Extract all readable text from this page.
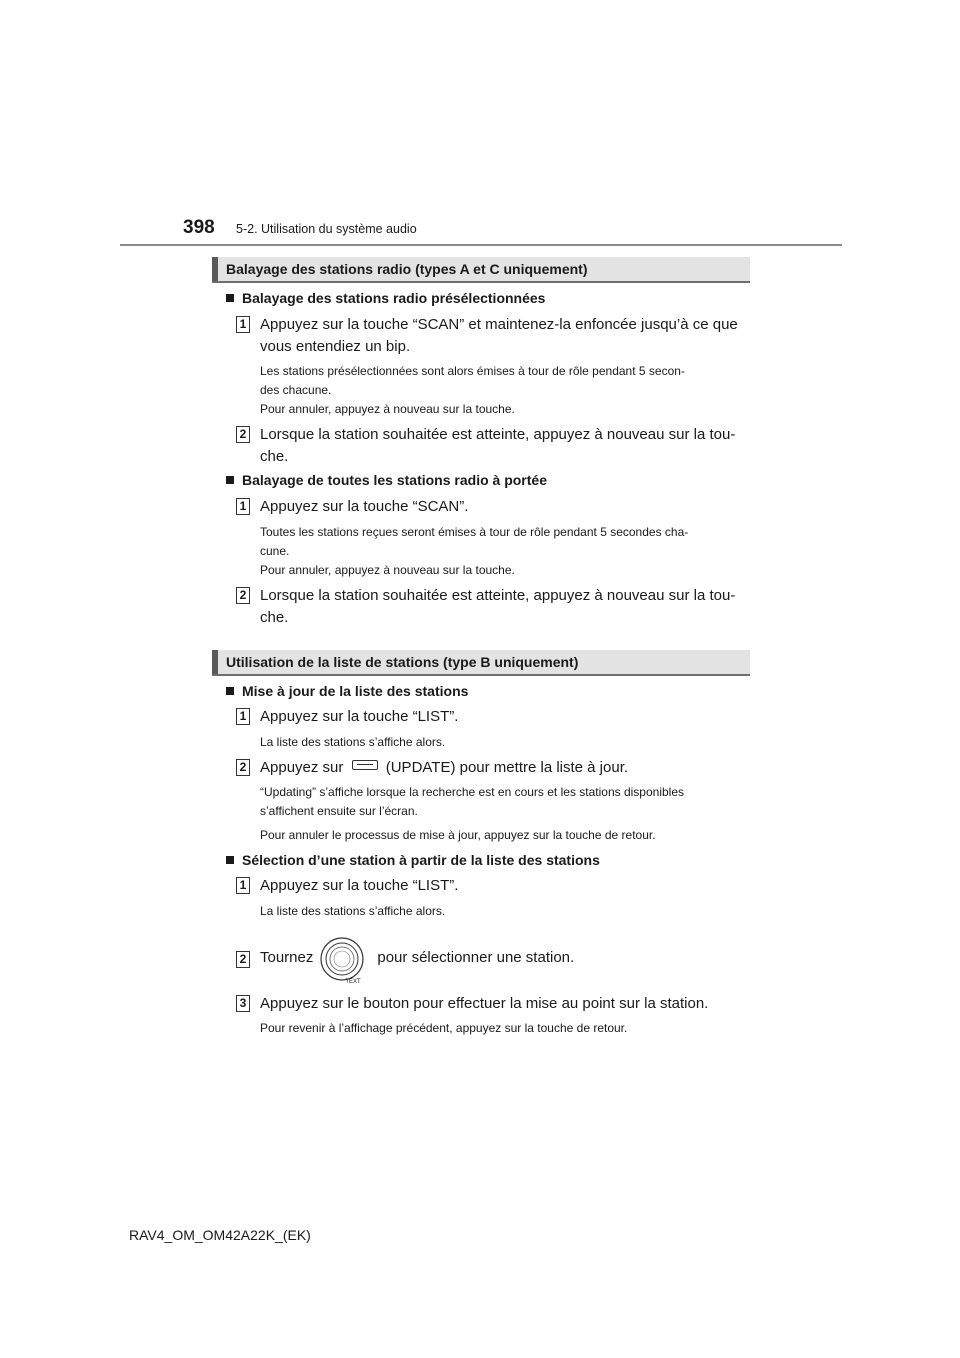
398 5-2. Utilisation du système audio
Balayage des stations radio (types A et C uniquement)
Balayage des stations radio présélectionnées
1 Appuyez sur la touche “SCAN” et maintenez-la enfoncée jusqu’à ce que vous entendiez un bip.
Les stations présélectionnées sont alors émises à tour de rôle pendant 5 secon-
des chacune.
Pour annuler, appuyez à nouveau sur la touche.
2 Lorsque la station souhaitée est atteinte, appuyez à nouveau sur la tou-che.
Balayage de toutes les stations radio à portée
1 Appuyez sur la touche “SCAN”.
Toutes les stations reçues seront émises à tour de rôle pendant 5 secondes cha-
cune.
Pour annuler, appuyez à nouveau sur la touche.
2 Lorsque la station souhaitée est atteinte, appuyez à nouveau sur la tou-che.
Utilisation de la liste de stations (type B uniquement)
Mise à jour de la liste des stations
1 Appuyez sur la touche “LIST”.
La liste des stations s’affiche alors.
2 Appuyez sur	(UPDATE) pour mettre la liste à jour.
“Updating” s’affiche lorsque la recherche est en cours et les stations disponibles
s’affichent ensuite sur l’écran.
Pour annuler le processus de mise à jour, appuyez sur la touche de retour.
Sélection d’une station à partir de la liste des stations
1 Appuyez sur la touche “LIST”.
La liste des stations s’affiche alors.
2 Tournez
TEXT
pour sélectionner une station.
3 Appuyez sur le bouton pour effectuer la mise au point sur la station.
Pour revenir à l’affichage précédent, appuyez sur la touche de retour.
RAV4_OM_OM42A22K_(EK)
